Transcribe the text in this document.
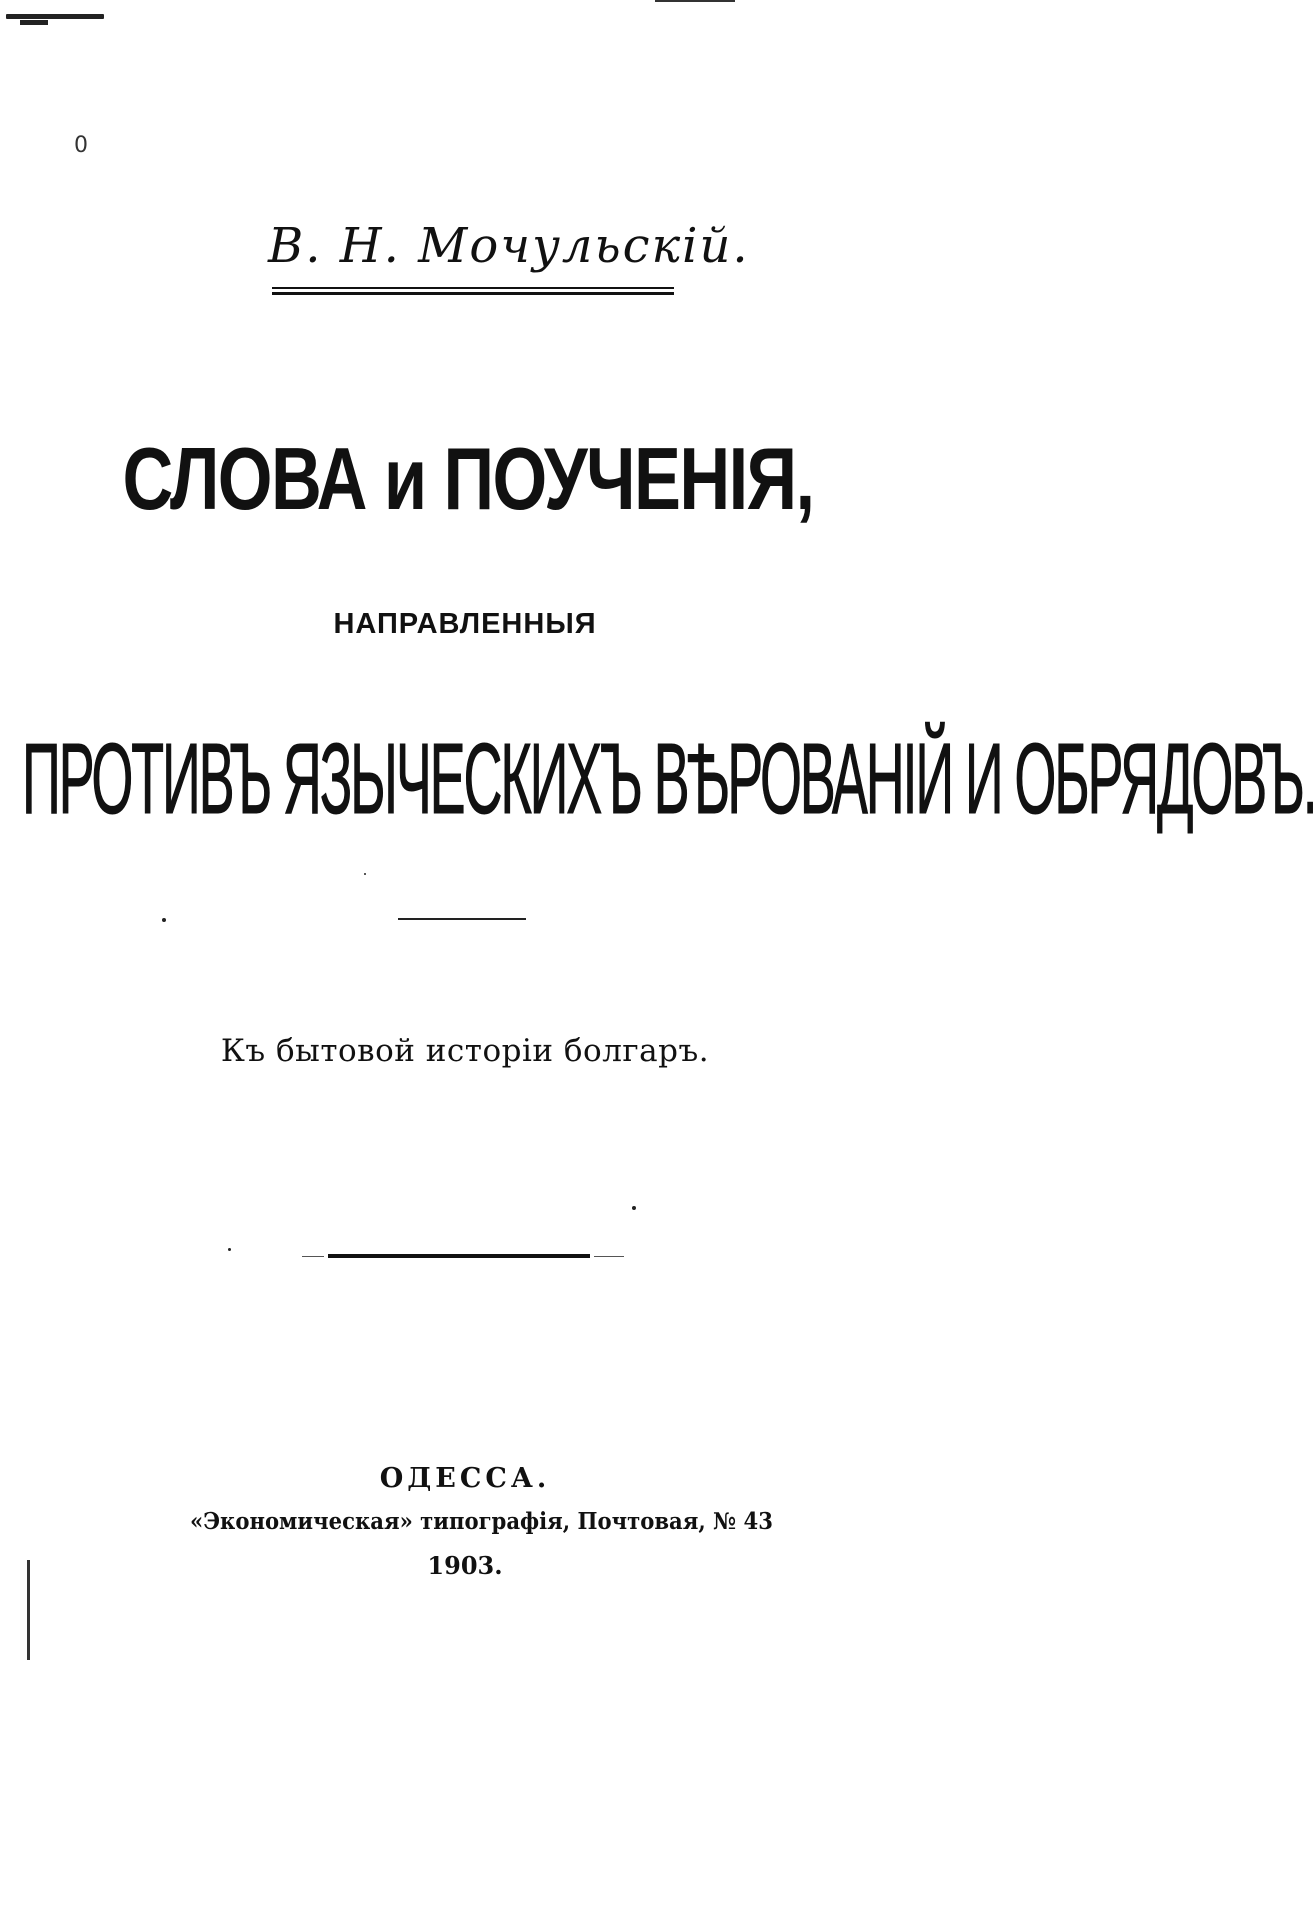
0
В. Н. Мочульскій.
СЛОВА и ПОУЧЕНІЯ,
НАПРАВЛЕННЫЯ
ПРОТИВЪ ЯЗЫЧЕСКИХЪ ВѢРОВАНІЙ И ОБРЯДОВЪ.
Къ бытовой исторіи болгаръ.
ОДЕССА.
«Экономическая» типографія, Почтовая, № 43
1903.
